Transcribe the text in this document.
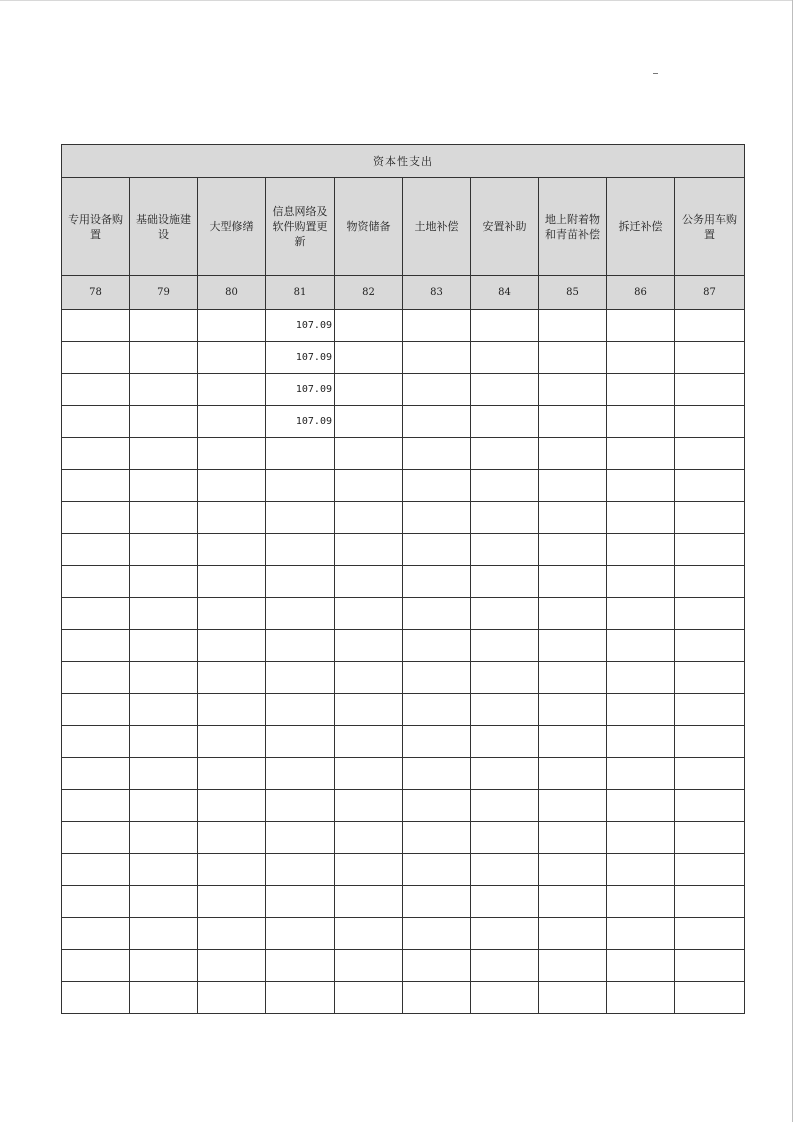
资本性支出									
专用设备购置	基础设施建设	大型修缮	信息网络及软件购置更新	物资储备	土地补偿	安置补助	地上附着物和青苗补偿	拆迁补偿	公务用车购置
78	79	80	81	82	83	84	85	86	87
			107.09						
			107.09						
			107.09						
			107.09						
